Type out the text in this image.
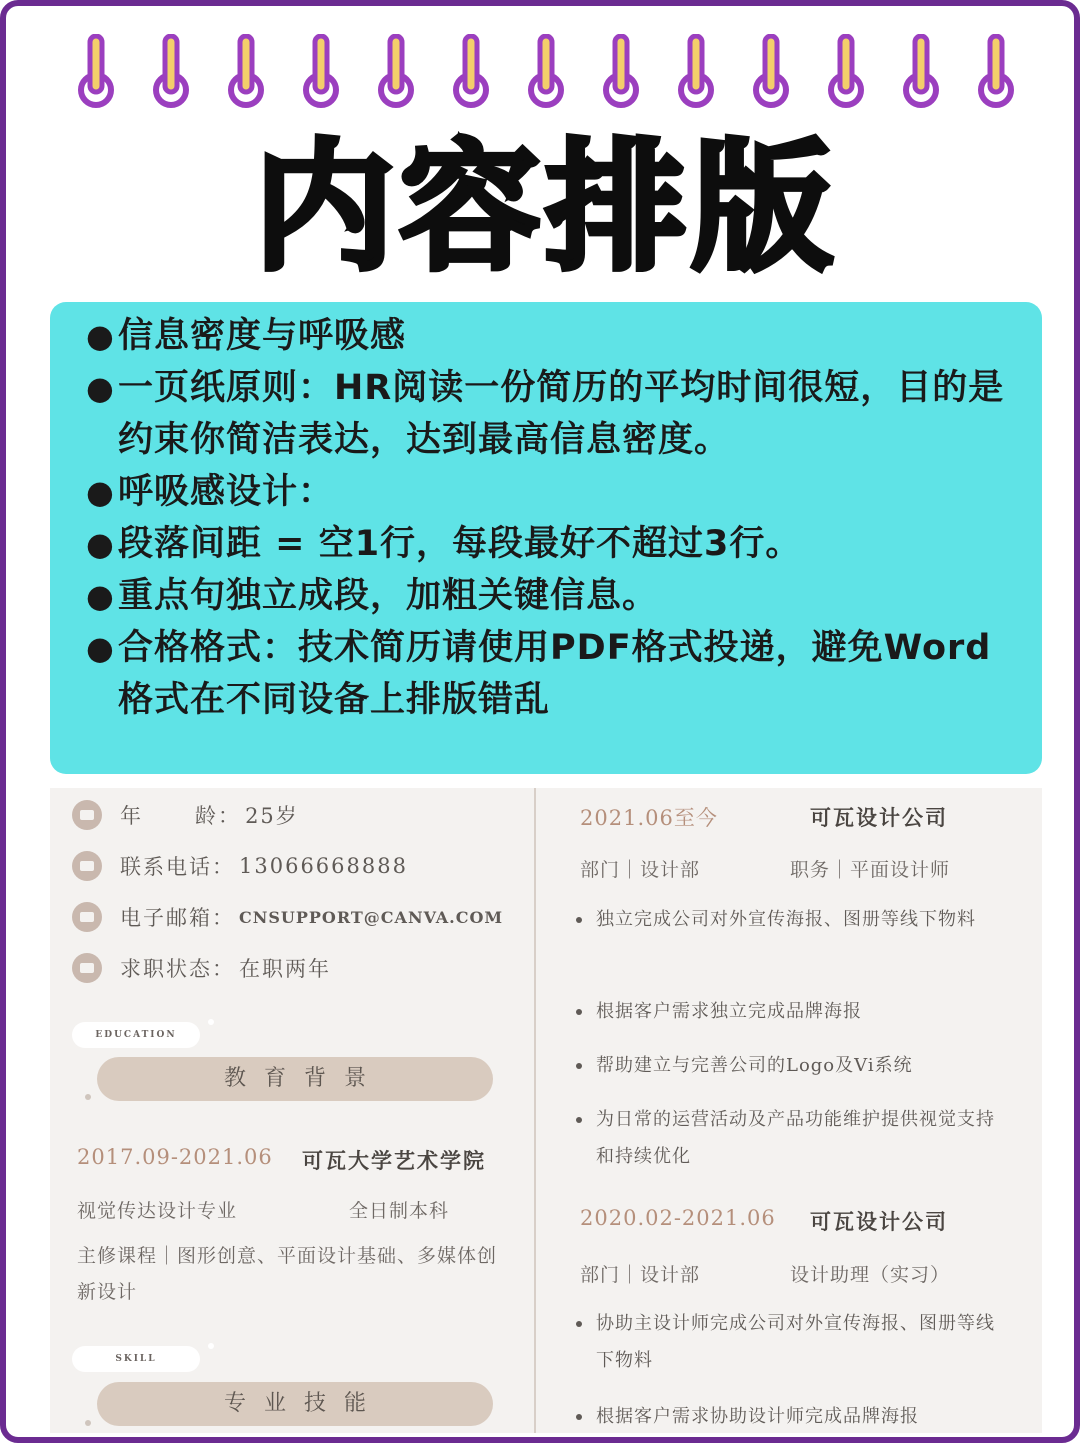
内容排版
● 信息密度与呼吸感
● 一页纸原则：HR阅读一份简历的平均时间很短，目的是约束你简洁表达，达到最高信息密度。
● 呼吸感设计：
● 段落间距 = 空1行，每段最好不超过3行。
● 重点句独立成段，加粗关键信息。
● 合格格式：技术简历请使用PDF格式投递，避免Word格式在不同设备上排版错乱
年      龄： 25岁
联系电话： 13066668888
电子邮箱： CNSUPPORT@CANVA.COM
求职状态： 在职两年
EDUCATION
教育背景
2017.09-2021.06 可瓦大学艺术学院
视觉传达设计专业	全日制本科
主修课程｜图形创意、平面设计基础、多媒体创新设计
SKILL
专业技能
2021.06至今	可瓦设计公司
部门｜设计部	职务｜平面设计师
独立完成公司对外宣传海报、图册等线下物料
根据客户需求独立完成品牌海报
帮助建立与完善公司的Logo及Vi系统
为日常的运营活动及产品功能维护提供视觉支持和持续优化
2020.02-2021.06 可瓦设计公司
部门｜设计部	设计助理（实习）
协助主设计师完成公司对外宣传海报、图册等线下物料
根据客户需求协助设计师完成品牌海报
